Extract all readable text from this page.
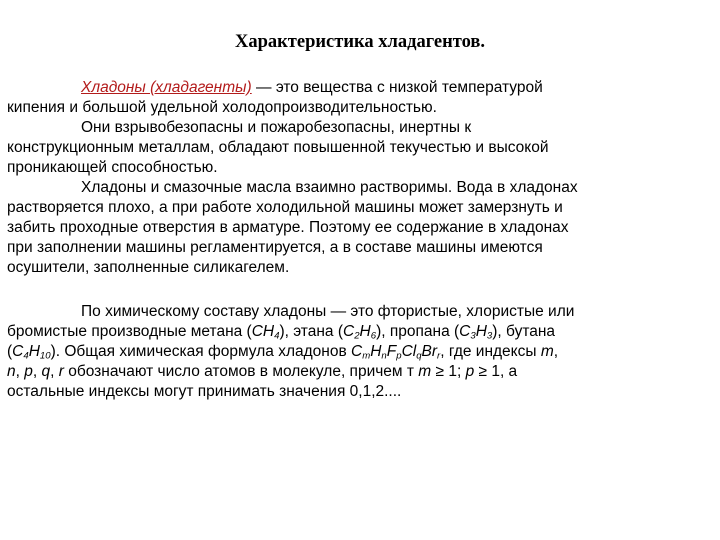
Характеристика хладагентов.
Хладоны (хладагенты) — это вещества с низкой температурой
кипения и большой удельной холодопроизводительностью.
Они взрывобезопасны и пожаробезопасны, инертны к
конструкционным металлам, обладают повышенной текучестью и высокой
проникающей способностью.
Хладоны и смазочные масла взаимно растворимы. Вода в хладонах
растворяется плохо, а при работе холодильной машины может замерзнуть и
забить проходные отверстия в арматуре. Поэтому ее содержание в хладонах
при заполнении машины регламентируется, а в составе машины имеются
осушители, заполненные силикагелем.
По химическому составу хладоны — это фтористые, хлористые или
бромистые производные метана $(CH_4)$, этана $(C_2H_6)$, пропана $(C_3H_3)$, бутана
$(C_4H_{10})$. Общая химическая формула хладонов $C_mH_nF_pCl_qBr_r$, где индексы m,
n, p, q, r обозначают число атомов в молекуле, причем т m ≥ 1; p ≥ 1, а
остальные индексы могут принимать значения 0,1,2....
